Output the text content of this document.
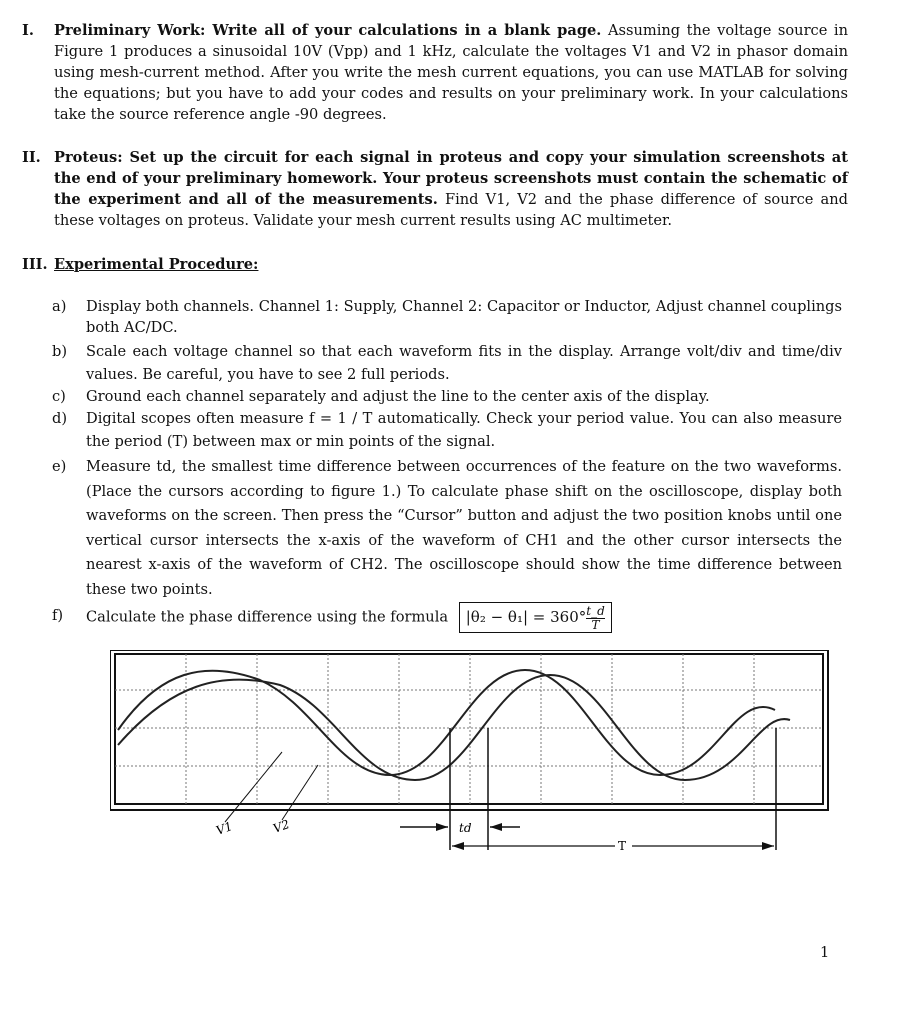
I. Preliminary Work: Write all of your calculations in a blank page. Assuming the voltage source in Figure 1 produces a sinusoidal 10V (Vpp) and 1 kHz, calculate the voltages V1 and V2 in phasor domain using mesh-current method. After you write the mesh current equations, you can use MATLAB for solving the equations; but you have to add your codes and results on your preliminary work. In your calculations take the source reference angle -90 degrees.
II. Proteus: Set up the circuit for each signal in proteus and copy your simulation screenshots at the end of your preliminary homework. Your proteus screenshots must contain the schematic of the experiment and all of the measurements. Find V1, V2 and the phase difference of source and these voltages on proteus. Validate your mesh current results using AC multimeter.
III. Experimental Procedure:
a) Display both channels. Channel 1: Supply, Channel 2: Capacitor or Inductor, Adjust channel couplings both AC/DC.
b) Scale each voltage channel so that each waveform fits in the display. Arrange volt/div and time/div values. Be careful, you have to see 2 full periods.
c) Ground each channel separately and adjust the line to the center axis of the display.
d) Digital scopes often measure f = 1 / T automatically. Check your period value. You can also measure the period (T) between max or min points of the signal.
e) Measure td, the smallest time difference between occurrences of the feature on the two waveforms. (Place the cursors according to figure 1.) To calculate phase shift on the oscilloscope, display both waveforms on the screen. Then press the “Cursor” button and adjust the two position knobs until one vertical cursor intersects the x-axis of the waveform of CH1 and the other cursor intersects the nearest x-axis of the waveform of CH2. The oscilloscope should show the time difference between these two points.
f) Calculate the phase difference using the formula $|\theta_2 - \theta_1| = 360^\circ \frac{t\_d}{T}$
td
T
V1	V2
1
